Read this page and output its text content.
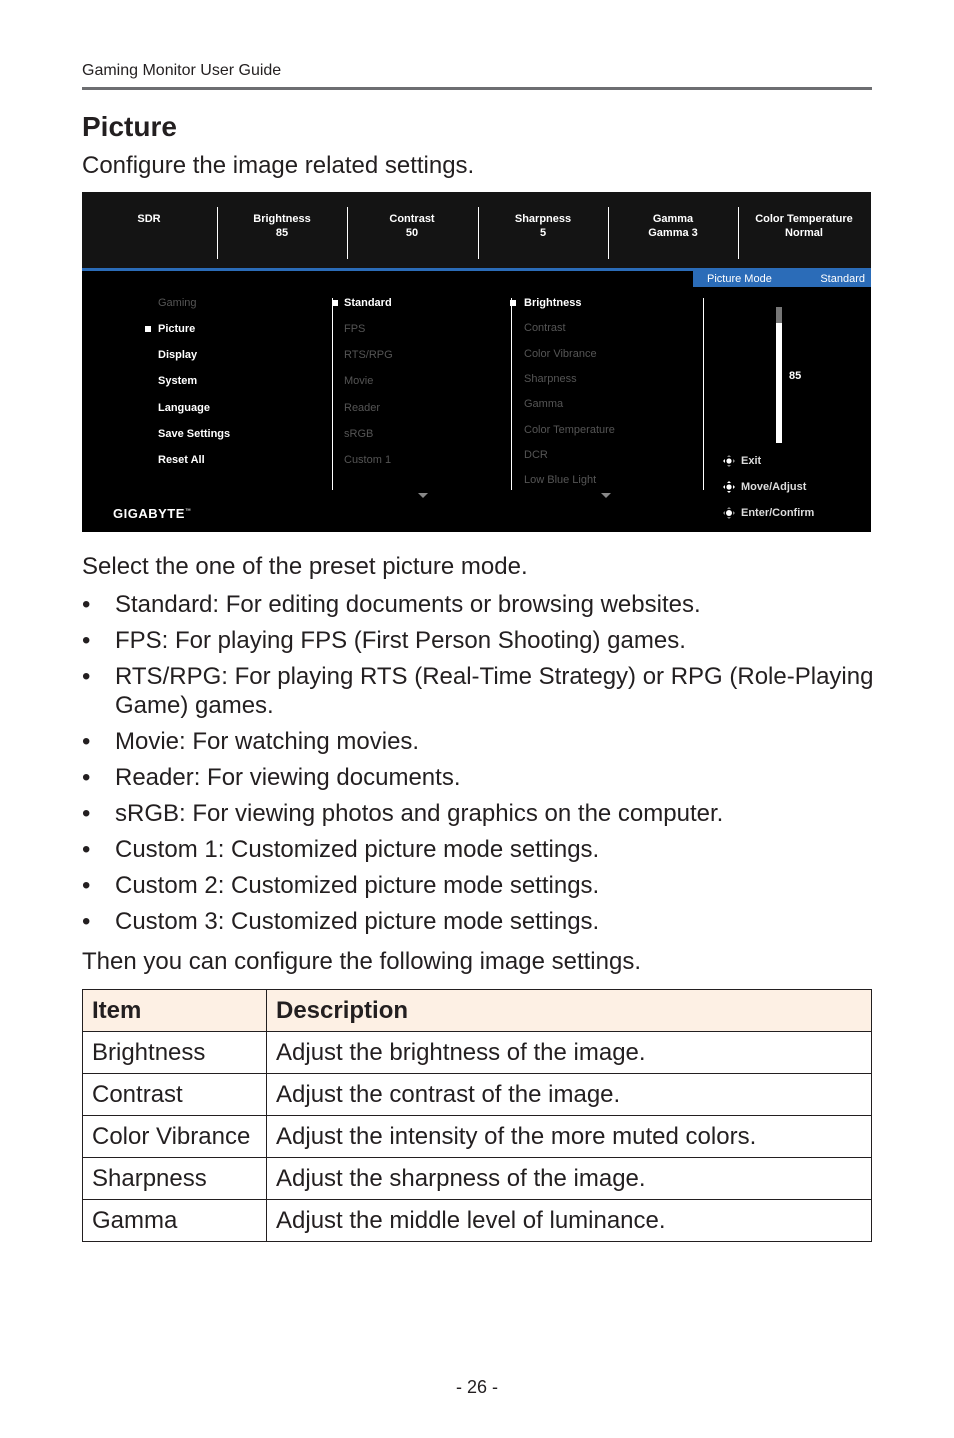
Gaming Monitor User Guide
Picture
Configure the image related settings.
SDR	Brightness
85
Contrast
50
Sharpness
5
Gamma
Gamma 3
Color Temperature
Normal
Picture Mode	Standard
Gaming
Picture
Display
System
Language
Save Settings
Reset All
Standard
FPS
RTS/RPG
Movie
Reader
sRGB
Custom 1
Brightness
Contrast
Color Vibrance
Sharpness
Gamma
Color Temperature
DCR
Low Blue Light
85
Exit
Move/Adjust
Enter/Confirm
GIGABYTE™
Select the one of the preset picture mode.
• Standard: For editing documents or browsing websites.
• FPS: For playing FPS (First Person Shooting) games.
• RTS/RPG: For playing RTS (Real-Time Strategy) or RPG (Role-Playing Game) games.
• Movie: For watching movies.
• Reader: For viewing documents.
• sRGB: For viewing photos and graphics on the computer.
• Custom 1: Customized picture mode settings.
• Custom 2: Customized picture mode settings.
• Custom 3: Customized picture mode settings.
Then you can configure the following image settings.
Item	Description
Brightness	Adjust the brightness of the image.
Contrast	Adjust the contrast of the image.
Color Vibrance	Adjust the intensity of the more muted colors.
Sharpness	Adjust the sharpness of the image.
Gamma	Adjust the middle level of luminance.
- 26 -
